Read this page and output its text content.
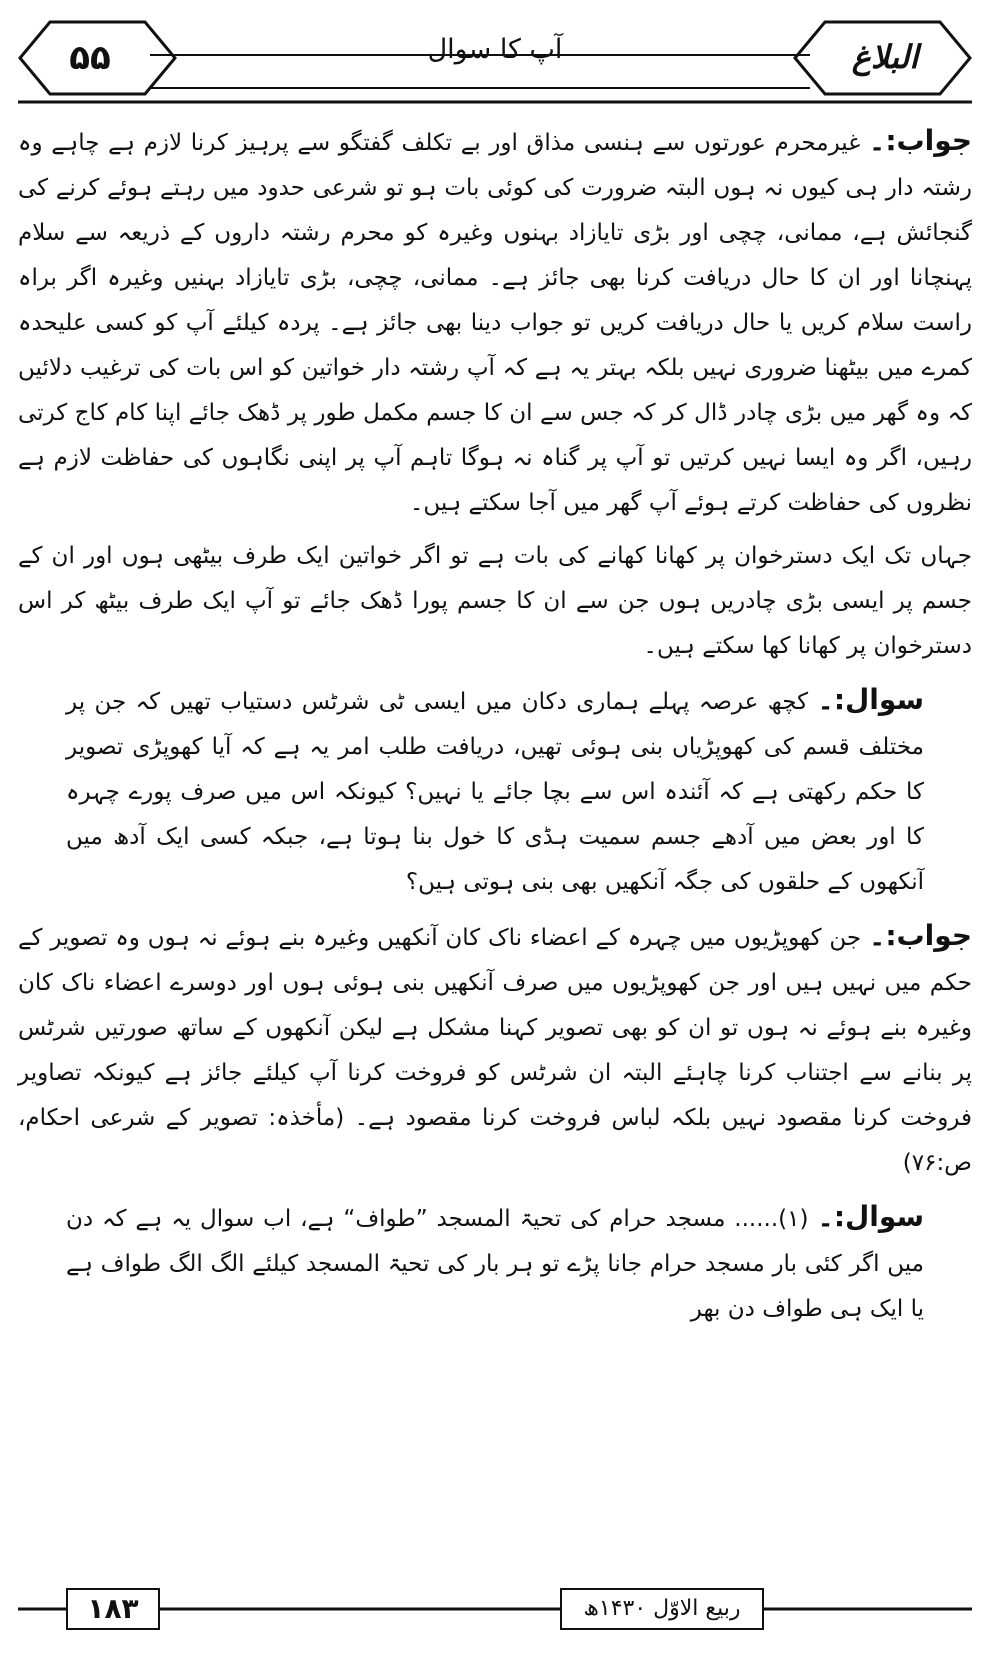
۵۵	آپ کا سوال	البلاغ

جواب:۔ غیرمحرم عورتوں سے ہنسی مذاق اور بے تکلف گفتگو سے پرہیز کرنا لازم ہے چاہے وہ رشتہ دار ہی کیوں نہ ہوں البتہ ضرورت کی کوئی بات ہو تو شرعی حدود میں رہتے ہوئے کرنے کی گنجائش ہے، ممانی، چچی اور بڑی تایازاد بہنوں وغیرہ کو محرم رشتہ داروں کے ذریعہ سے سلام پہنچانا اور ان کا حال دریافت کرنا بھی جائز ہے۔ ممانی، چچی، بڑی تایازاد بہنیں وغیرہ اگر براہ راست سلام کریں یا حال دریافت کریں تو جواب دینا بھی جائز ہے۔ پردہ کیلئے آپ کو کسی علیحدہ کمرے میں بیٹھنا ضروری نہیں بلکہ بہتر یہ ہے کہ آپ رشتہ دار خواتین کو اس بات کی ترغیب دلائیں کہ وہ گھر میں بڑی چادر ڈال کر کہ جس سے ان کا جسم مکمل طور پر ڈھک جائے اپنا کام کاج کرتی رہیں، اگر وہ ایسا نہیں کرتیں تو آپ پر گناہ نہ ہوگا تاہم آپ پر اپنی نگاہوں کی حفاظت لازم ہے نظروں کی حفاظت کرتے ہوئے آپ گھر میں آجا سکتے ہیں۔

جہاں تک ایک دسترخوان پر کھانا کھانے کی بات ہے تو اگر خواتین ایک طرف بیٹھی ہوں اور ان کے جسم پر ایسی بڑی چادریں ہوں جن سے ان کا جسم پورا ڈھک جائے تو آپ ایک طرف بیٹھ کر اس دسترخوان پر کھانا کھا سکتے ہیں۔

سوال:۔ کچھ عرصہ پہلے ہماری دکان میں ایسی ٹی شرٹس دستیاب تھیں کہ جن پر مختلف قسم کی کھوپڑیاں بنی ہوئی تھیں، دریافت طلب امر یہ ہے کہ آیا کھوپڑی تصویر کا حکم رکھتی ہے کہ آئندہ اس سے بچا جائے یا نہیں؟ کیونکہ اس میں صرف پورے چہرہ کا اور بعض میں آدھے جسم سمیت ہڈی کا خول بنا ہوتا ہے، جبکہ کسی ایک آدھ میں آنکھوں کے حلقوں کی جگہ آنکھیں بھی بنی ہوتی ہیں؟

جواب:۔ جن کھوپڑیوں میں چہرہ کے اعضاء ناک کان آنکھیں وغیرہ بنے ہوئے نہ ہوں وہ تصویر کے حکم میں نہیں ہیں اور جن کھوپڑیوں میں صرف آنکھیں بنی ہوئی ہوں اور دوسرے اعضاء ناک کان وغیرہ بنے ہوئے نہ ہوں تو ان کو بھی تصویر کہنا مشکل ہے لیکن آنکھوں کے ساتھ صورتیں شرٹس پر بنانے سے اجتناب کرنا چاہئے البتہ ان شرٹس کو فروخت کرنا آپ کیلئے جائز ہے کیونکہ تصاویر فروخت کرنا مقصود نہیں بلکہ لباس فروخت کرنا مقصود ہے۔ (مأخذہ: تصویر کے شرعی احکام، ص:۷۶)

سوال:۔ (۱)...... مسجد حرام کی تحیۃ المسجد ”طواف“ ہے، اب سوال یہ ہے کہ دن میں اگر کئی بار مسجد حرام جانا پڑے تو ہر بار کی تحیۃ المسجد کیلئے الگ الگ طواف ہے یا ایک ہی طواف دن بھر

۱۸۳	ربیع الاوّل ۱۴۳۰ھ
